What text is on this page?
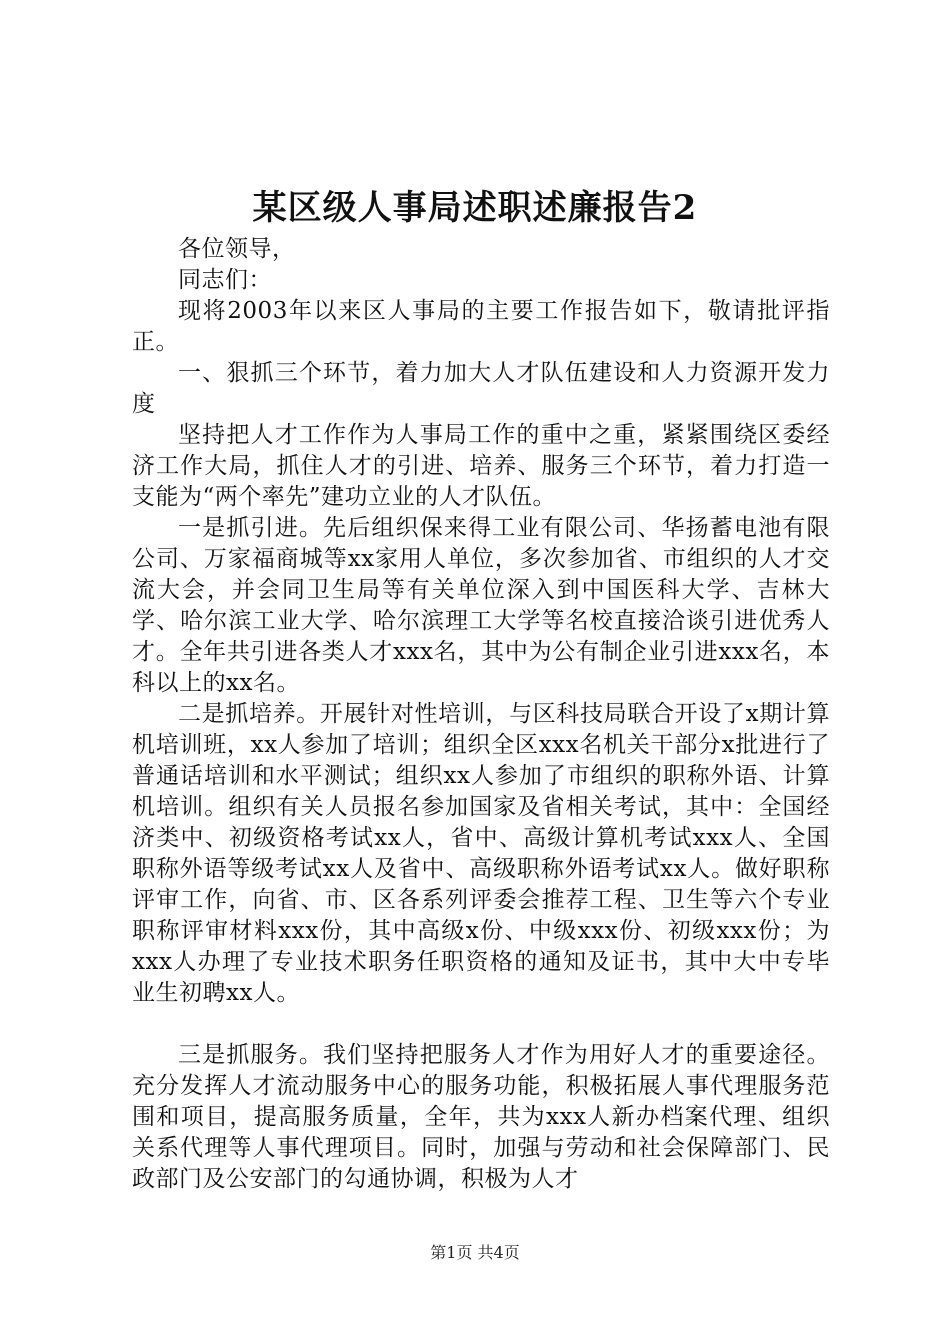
某区级人事局述职述廉报告2

各位领导，

同志们：

现将2003年以来区人事局的主要工作报告如下，敬请批评指正。

一、狠抓三个环节，着力加大人才队伍建设和人力资源开发力度

坚持把人才工作作为人事局工作的重中之重，紧紧围绕区委经济工作大局，抓住人才的引进、培养、服务三个环节，着力打造一支能为“两个率先”建功立业的人才队伍。

一是抓引进。先后组织保来得工业有限公司、华扬蓄电池有限公司、万家福商城等xx家用人单位，多次参加省、市组织的人才交流大会，并会同卫生局等有关单位深入到中国医科大学、吉林大学、哈尔滨工业大学、哈尔滨理工大学等名校直接洽谈引进优秀人才。全年共引进各类人才xxx名，其中为公有制企业引进xxx名，本科以上的xx名。

二是抓培养。开展针对性培训，与区科技局联合开设了x期计算机培训班，xx人参加了培训；组织全区xxx名机关干部分x批进行了普通话培训和水平测试；组织xx人参加了市组织的职称外语、计算机培训。组织有关人员报名参加国家及省相关考试，其中：全国经济类中、初级资格考试xx人，省中、高级计算机考试xxx人、全国职称外语等级考试xx人及省中、高级职称外语考试xx人。做好职称评审工作，向省、市、区各系列评委会推荐工程、卫生等六个专业职称评审材料xxx份，其中高级x份、中级xxx份、初级xxx份；为xxx人办理了专业技术职务任职资格的通知及证书，其中大中专毕业生初聘xx人。

三是抓服务。我们坚持把服务人才作为用好人才的重要途径。充分发挥人才流动服务中心的服务功能，积极拓展人事代理服务范围和项目，提高服务质量，全年，共为xxx人新办档案代理、组织关系代理等人事代理项目。同时，加强与劳动和社会保障部门、民政部门及公安部门的勾通协调，积极为人才

第1页 共4页
